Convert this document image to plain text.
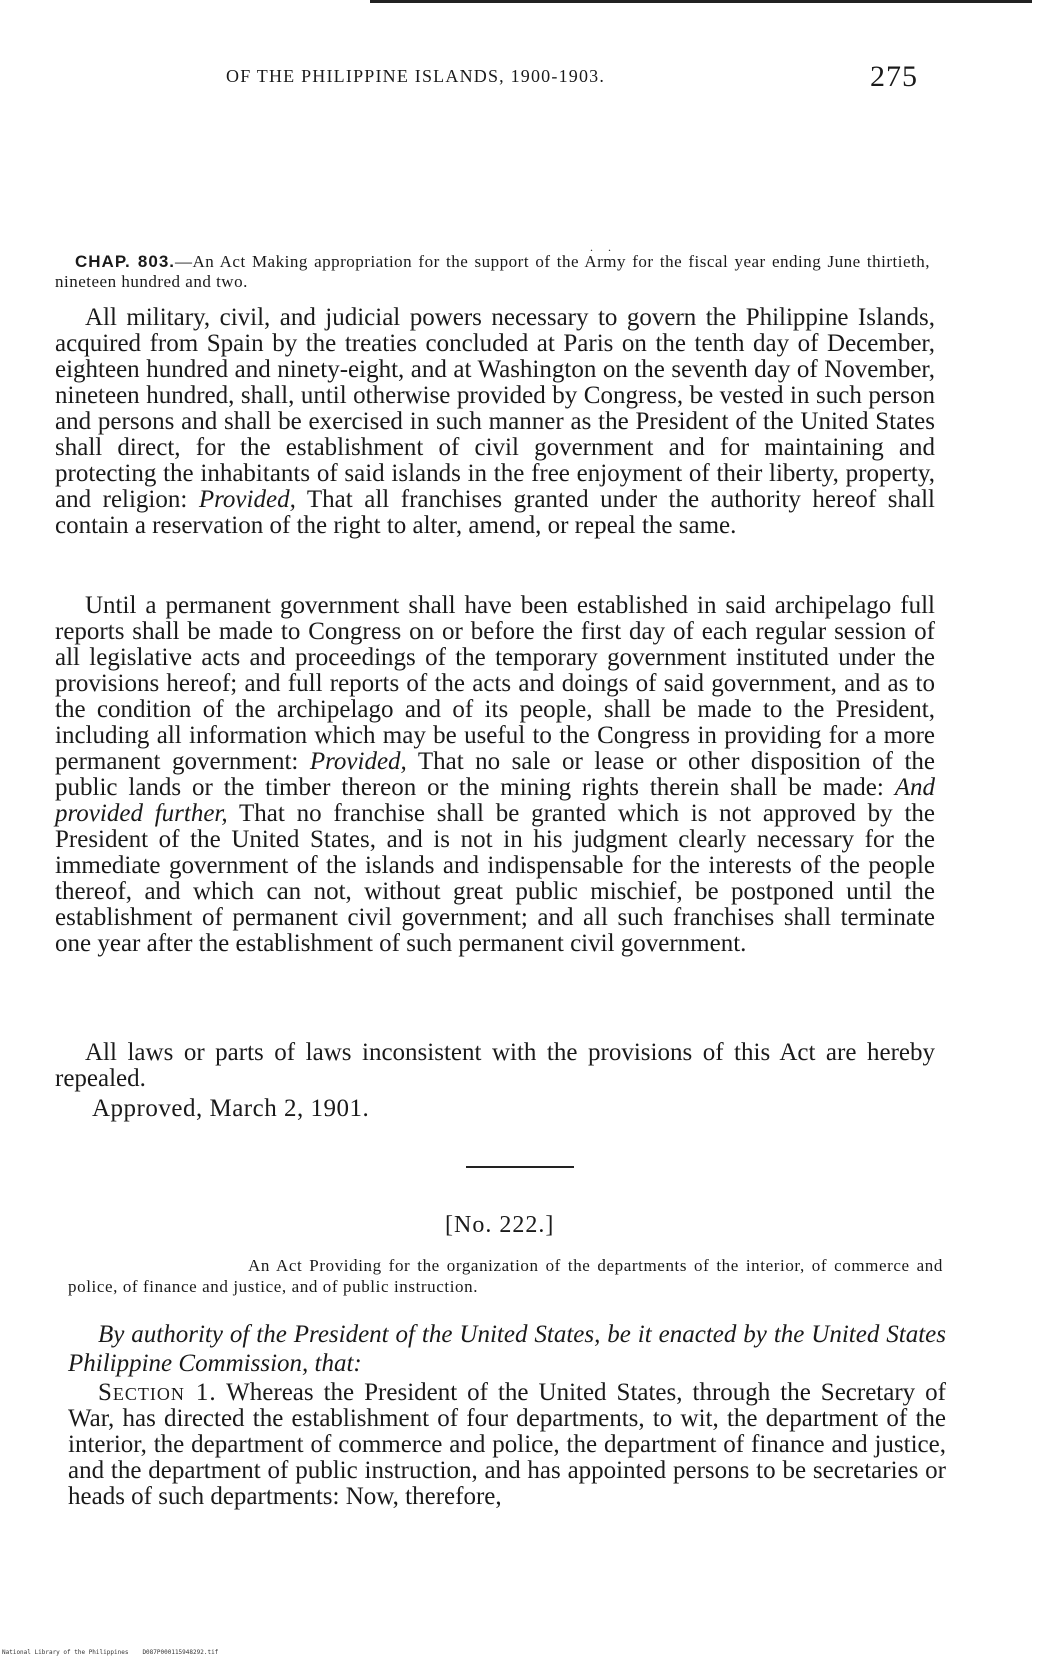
OF THE PHILIPPINE ISLANDS, 1900-1903.	275
. .
CHAP. 803.—An Act Making appropriation for the support of the Army for the fiscal year ending June thirtieth, nineteen hundred and two.

All military, civil, and judicial powers necessary to govern the Philippine Islands, acquired from Spain by the treaties concluded at Paris on the tenth day of December, eighteen hundred and ninety-eight, and at Washington on the seventh day of November, nineteen hundred, shall, until otherwise provided by Congress, be vested in such person and persons and shall be exercised in such manner as the President of the United States shall direct, for the establishment of civil government and for maintaining and protecting the inhabitants of said islands in the free enjoyment of their liberty, property, and religion: Provided, That all franchises granted under the authority hereof shall contain a reservation of the right to alter, amend, or repeal the same.

Until a permanent government shall have been established in said archipelago full reports shall be made to Congress on or before the first day of each regular session of all legislative acts and proceedings of the temporary government instituted under the provisions hereof; and full reports of the acts and doings of said government, and as to the condition of the archipelago and of its people, shall be made to the President, including all information which may be useful to the Congress in providing for a more permanent government: Provided, That no sale or lease or other disposition of the public lands or the timber thereon or the mining rights therein shall be made: And provided further, That no franchise shall be granted which is not approved by the President of the United States, and is not in his judgment clearly necessary for the immediate government of the islands and indispensable for the interests of the people thereof, and which can not, without great public mischief, be postponed until the establishment of permanent civil government; and all such franchises shall terminate one year after the establishment of such permanent civil government.

All laws or parts of laws inconsistent with the provisions of this Act are hereby repealed.

Approved, March 2, 1901.
[No. 222.]
An Act Providing for the organization of the departments of the interior, of commerce and police, of finance and justice, and of public instruction.
By authority of the President of the United States, be it enacted by the United States Philippine Commission, that:
Section 1. Whereas the President of the United States, through the Secretary of War, has directed the establishment of four departments, to wit, the department of the interior, the department of commerce and police, the department of finance and justice, and the department of public instruction, and has appointed persons to be secretaries or heads of such departments: Now, therefore,
National Library of the Philippines D087P000115948292.tif
